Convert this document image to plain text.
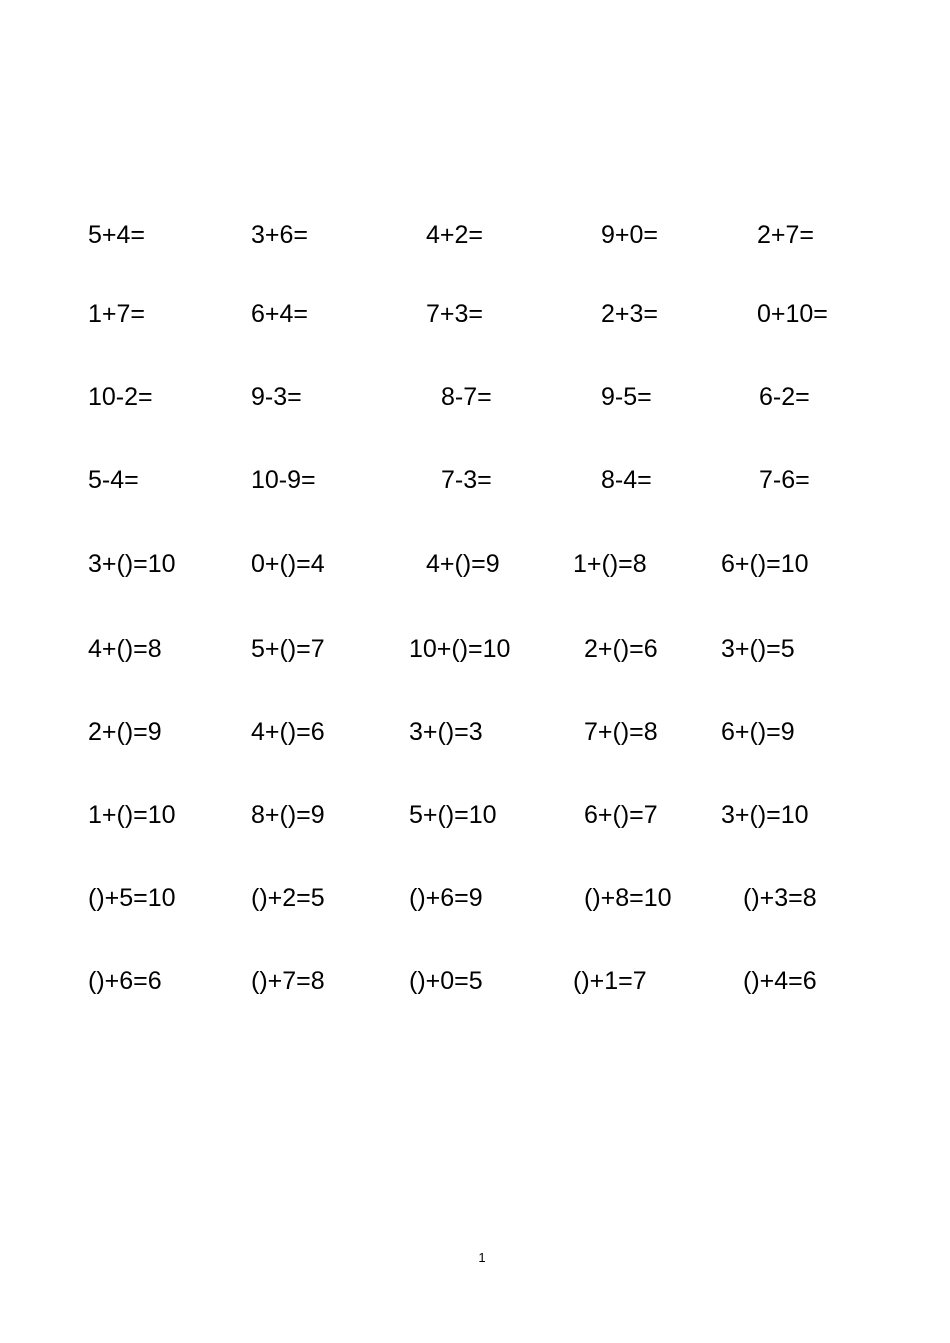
5+4=	3+6=	4+2=	9+0=	2+7=
1+7=	6+4=	7+3=	2+3=	0+10=
10-2=	9-3=	8-7=	9-5=	6-2=
5-4=	10-9=	7-3=	8-4=	7-6=
3+()=10	0+()=4	4+()=9	1+()=8	6+()=10
4+()=8	5+()=7	10+()=10	2+()=6	3+()=5
2+()=9	4+()=6	3+()=3	7+()=8	6+()=9
1+()=10	8+()=9	5+()=10	6+()=7	3+()=10
()+5=10	()+2=5	()+6=9	()+8=10	()+3=8
()+6=6	()+7=8	()+0=5	()+1=7	()+4=6
1
